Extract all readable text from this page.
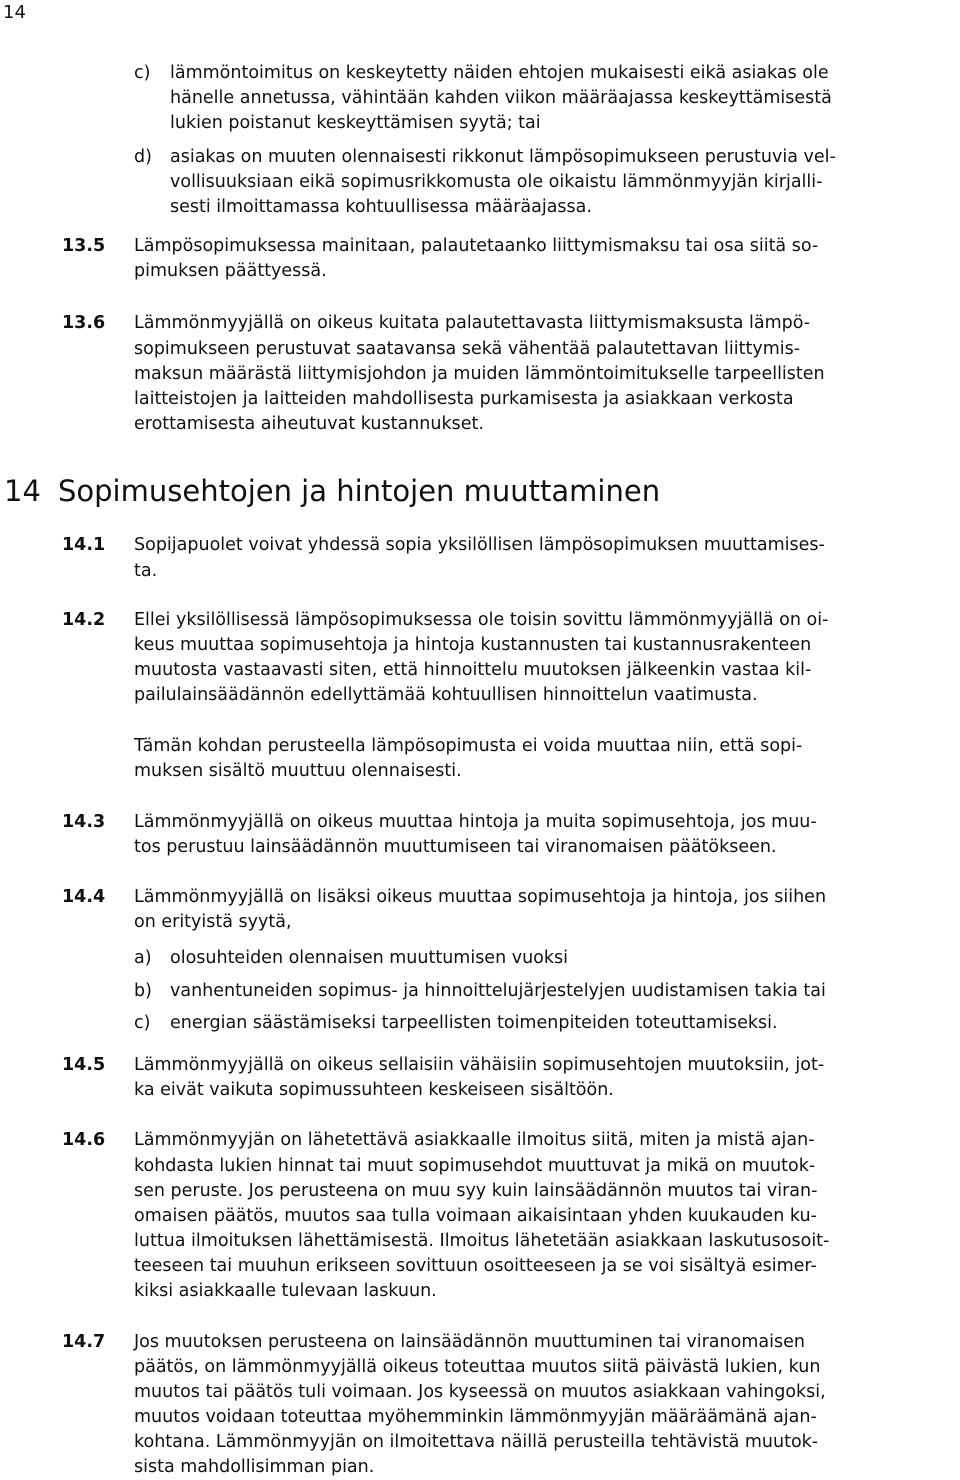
14
c) lämmöntoimitus on keskeytetty näiden ehtojen mukaisesti eikä asiakas ole
hänelle annetussa, vähintään kahden viikon määräajassa keskeyttämisestä
lukien poistanut keskeyttämisen syytä; tai
d) asiakas on muuten olennaisesti rikkonut lämpösopimukseen perustuvia vel-
vollisuuksiaan eikä sopimusrikkomusta ole oikaistu lämmönmyyjän kirjalli-
sesti ilmoittamassa kohtuullisessa määräajassa.
13.5 Lämpösopimuksessa mainitaan, palautetaanko liittymismaksu tai osa siitä so-
pimuksen päättyessä.
13.6 Lämmönmyyjällä on oikeus kuitata palautettavasta liittymismaksusta lämpö-
sopimukseen perustuvat saatavansa sekä vähentää palautettavan liittymis-
maksun määrästä liittymisjohdon ja muiden lämmöntoimitukselle tarpeellisten
laitteistojen ja laitteiden mahdollisesta purkamisesta ja asiakkaan verkosta
erottamisesta aiheutuvat kustannukset.
14 Sopimusehtojen ja hintojen muuttaminen
14.1 Sopijapuolet voivat yhdessä sopia yksilöllisen lämpösopimuksen muuttamises-
ta.
14.2 Ellei yksilöllisessä lämpösopimuksessa ole toisin sovittu lämmönmyyjällä on oi-
keus muuttaa sopimusehtoja ja hintoja kustannusten tai kustannusrakenteen
muutosta vastaavasti siten, että hinnoittelu muutoksen jälkeenkin vastaa kil-
pailulainsäädännön edellyttämää kohtuullisen hinnoittelun vaatimusta.
Tämän kohdan perusteella lämpösopimusta ei voida muuttaa niin, että sopi-
muksen sisältö muuttuu olennaisesti.
14.3 Lämmönmyyjällä on oikeus muuttaa hintoja ja muita sopimusehtoja, jos muu-
tos perustuu lainsäädännön muuttumiseen tai viranomaisen päätökseen.
14.4 Lämmönmyyjällä on lisäksi oikeus muuttaa sopimusehtoja ja hintoja, jos siihen
on erityistä syytä,
a) olosuhteiden olennaisen muuttumisen vuoksi
b) vanhentuneiden sopimus- ja hinnoittelujärjestelyjen uudistamisen takia tai
c) energian säästämiseksi tarpeellisten toimenpiteiden toteuttamiseksi.
14.5 Lämmönmyyjällä on oikeus sellaisiin vähäisiin sopimusehtojen muutoksiin, jot-
ka eivät vaikuta sopimussuhteen keskeiseen sisältöön.
14.6 Lämmönmyyjän on lähetettävä asiakkaalle ilmoitus siitä, miten ja mistä ajan-
kohdasta lukien hinnat tai muut sopimusehdot muuttuvat ja mikä on muutok-
sen peruste. Jos perusteena on muu syy kuin lainsäädännön muutos tai viran-
omaisen päätös, muutos saa tulla voimaan aikaisintaan yhden kuukauden ku-
luttua ilmoituksen lähettämisestä. Ilmoitus lähetetään asiakkaan laskutusosoit-
teeseen tai muuhun erikseen sovittuun osoitteeseen ja se voi sisältyä esimer-
kiksi asiakkaalle tulevaan laskuun.
14.7 Jos muutoksen perusteena on lainsäädännön muuttuminen tai viranomaisen
päätös, on lämmönmyyjällä oikeus toteuttaa muutos siitä päivästä lukien, kun
muutos tai päätös tuli voimaan. Jos kyseessä on muutos asiakkaan vahingoksi,
muutos voidaan toteuttaa myöhemminkin lämmönmyyjän määräämänä ajan-
kohtana. Lämmönmyyjän on ilmoitettava näillä perusteilla tehtävistä muutok-
sista mahdollisimman pian.
